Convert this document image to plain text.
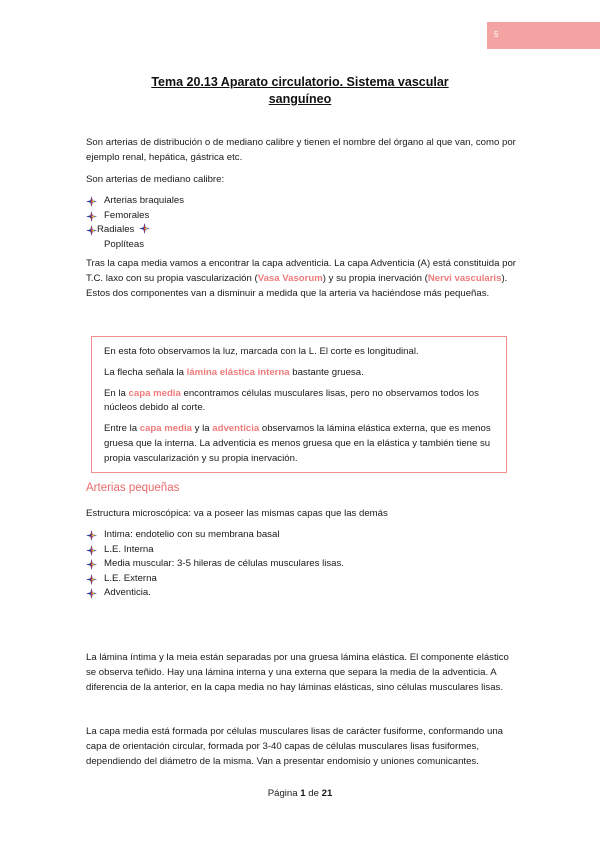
5
Tema 20.13 Aparato circulatorio. Sistema vascular
sanguíneo

Son arterias de distribución o de mediano calibre y tienen el nombre del órgano al que van, como por ejemplo renal, hepática, gástrica etc.

Son arterias de mediano calibre:

Arterias braquiales
Femorales
Radiales
Poplíteas

Tras la capa media vamos a encontrar la capa adventicia. La capa Adventicia (A) está constituida por T.C. laxo con su propia vascularización (Vasa Vasorum) y su propia inervación (Nervi vascularis). Estos dos componentes van a disminuir a medida que la arteria va haciéndose más pequeñas.

En esta foto observamos la luz, marcada con la L. El corte es longitudinal.

La flecha señala la lámina elástica interna bastante gruesa.

En la capa media encontramos células musculares lisas, pero no observamos todos los núcleos debido al corte.

Entre la capa media y la adventicia observamos la lámina elástica externa, que es menos gruesa que la interna. La adventicia es menos gruesa que en la elástica y también tiene su propia vascularización y su propia inervación.

Arterias pequeñas

Estructura microscópica: va a poseer las mismas capas que las demás

Intima: endotelio con su membrana basal
L.E. Interna
Media muscular: 3-5 hileras de células musculares lisas.
L.E. Externa
Adventicia.

La lámina íntima y la meia están separadas por una gruesa lámina elástica. El componente elástico se observa teñido. Hay una lámina interna y una externa que separa la media de la adventicia. A diferencia de la anterior, en la capa media no hay láminas elásticas, sino células musculares lisas.

La capa media está formada por células musculares lisas de carácter fusiforme, conformando una capa de orientación circular, formada por 3-40 capas de células musculares lisas fusiformes, dependiendo del diámetro de la misma. Van a presentar endomisio y uniones comunicantes.

Página 1 de 21
